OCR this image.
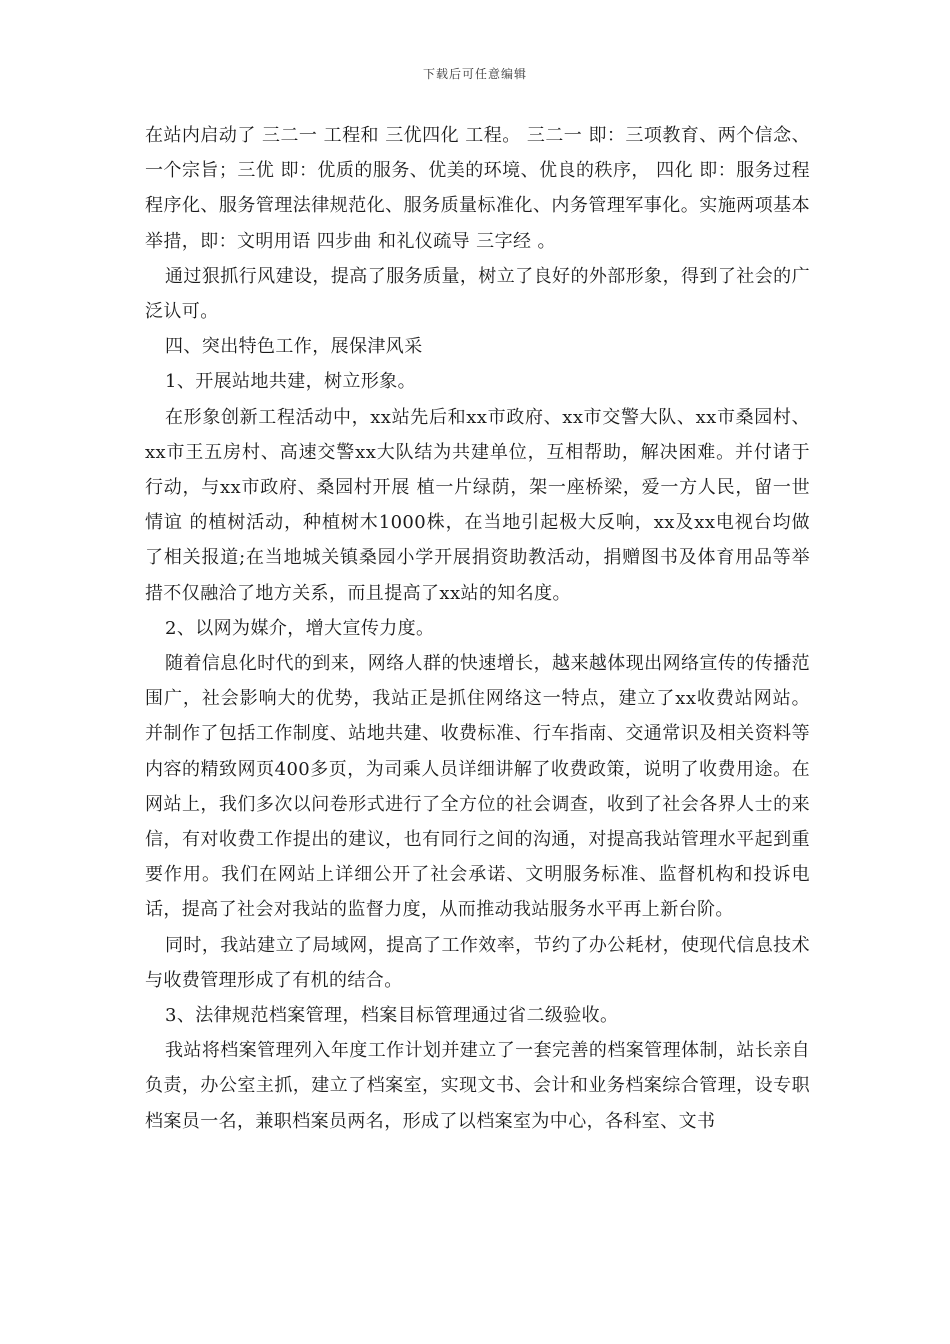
下载后可任意编辑

在站内启动了 三二一 工程和 三优四化 工程。 三二一 即：三项教育、两个信念、一个宗旨；三优 即：优质的服务、优美的环境、优良的秩序， 四化 即：服务过程程序化、服务管理法律规范化、服务质量标准化、内务管理军事化。实施两项基本举措，即：文明用语 四步曲 和礼仪疏导 三字经 。

通过狠抓行风建设，提高了服务质量，树立了良好的外部形象，得到了社会的广泛认可。

四、突出特色工作，展保津风采

1、开展站地共建，树立形象。

在形象创新工程活动中，xx站先后和xx市政府、xx市交警大队、xx市桑园村、xx市王五房村、高速交警xx大队结为共建单位，互相帮助，解决困难。并付诸于行动，与xx市政府、桑园村开展 植一片绿荫，架一座桥梁，爱一方人民，留一世情谊 的植树活动，种植树木1000株，在当地引起极大反响，xx及xx电视台均做了相关报道;在当地城关镇桑园小学开展捐资助教活动，捐赠图书及体育用品等举措不仅融洽了地方关系，而且提高了xx站的知名度。

2、以网为媒介，增大宣传力度。

随着信息化时代的到来，网络人群的快速增长，越来越体现出网络宣传的传播范围广，社会影响大的优势，我站正是抓住网络这一特点，建立了xx收费站网站。并制作了包括工作制度、站地共建、收费标准、行车指南、交通常识及相关资料等内容的精致网页400多页，为司乘人员详细讲解了收费政策，说明了收费用途。在网站上，我们多次以问卷形式进行了全方位的社会调查，收到了社会各界人士的来信，有对收费工作提出的建议，也有同行之间的沟通，对提高我站管理水平起到重要作用。我们在网站上详细公开了社会承诺、文明服务标准、监督机构和投诉电话，提高了社会对我站的监督力度，从而推动我站服务水平再上新台阶。

同时，我站建立了局域网，提高了工作效率，节约了办公耗材，使现代信息技术与收费管理形成了有机的结合。

3、法律规范档案管理，档案目标管理通过省二级验收。

我站将档案管理列入年度工作计划并建立了一套完善的档案管理体制，站长亲自负责，办公室主抓，建立了档案室，实现文书、会计和业务档案综合管理，设专职档案员一名，兼职档案员两名，形成了以档案室为中心，各科室、文书
